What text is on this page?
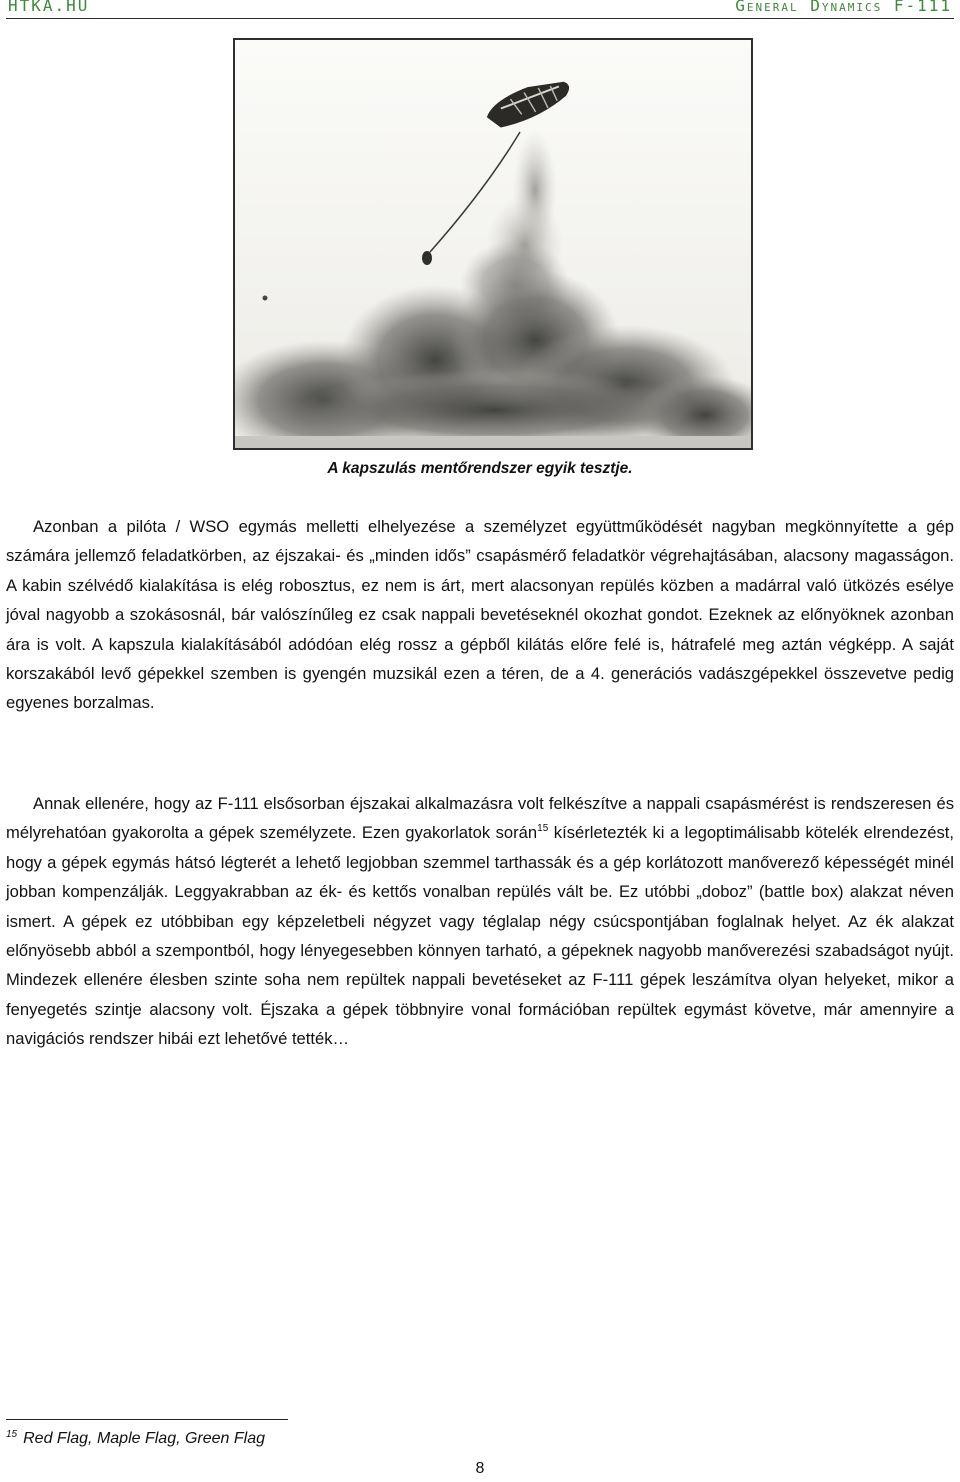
HTKA.HU	General Dynamics F-111
A kapszulás mentőrendszer egyik tesztje.

Azonban a pilóta / WSO egymás melletti elhelyezése a személyzet együttműködését nagyban megkönnyítette a gép számára jellemző feladatkörben, az éjszakai- és „minden idős” csapásmérő feladatkör végrehajtásában, alacsony magasságon. A kabin szélvédő kialakítása is elég robosztus, ez nem is árt, mert alacsonyan repülés közben a madárral való ütközés esélye jóval nagyobb a szokásosnál, bár valószínűleg ez csak nappali bevetéseknél okozhat gondot. Ezeknek az előnyöknek azonban ára is volt. A kapszula kialakításából adódóan elég rossz a gépből kilátás előre felé is, hátrafelé meg aztán végképp. A saját korszakából levő gépekkel szemben is gyengén muzsikál ezen a téren, de a 4. generációs vadászgépekkel összevetve pedig egyenes borzalmas.

Annak ellenére, hogy az F-111 elsősorban éjszakai alkalmazásra volt felkészítve a nappali csapásmérést is rendszeresen és mélyrehatóan gyakorolta a gépek személyzete. Ezen gyakorlatok során$^{15}$ kísérletezték ki a legoptimálisabb kötelék elrendezést, hogy a gépek egymás hátsó légterét a lehető legjobban szemmel tarthassák és a gép korlátozott manőverező képességét minél jobban kompenzálják. Leggyakrabban az ék- és kettős vonalban repülés vált be. Ez utóbbi „doboz” (battle box) alakzat néven ismert. A gépek ez utóbbiban egy képzeletbeli négyzet vagy téglalap négy csúcspontjában foglalnak helyet. Az ék alakzat előnyösebb abból a szempontból, hogy lényegesebben könnyen tarható, a gépeknek nagyobb manőverezési szabadságot nyújt. Mindezek ellenére élesben szinte soha nem repültek nappali bevetéseket az F-111 gépek leszámítva olyan helyeket, mikor a fenyegetés szintje alacsony volt. Éjszaka a gépek többnyire vonal formációban repültek egymást követve, már amennyire a navigációs rendszer hibái ezt lehetővé tették…

$^{15}$ Red Flag, Maple Flag, Green Flag
8
